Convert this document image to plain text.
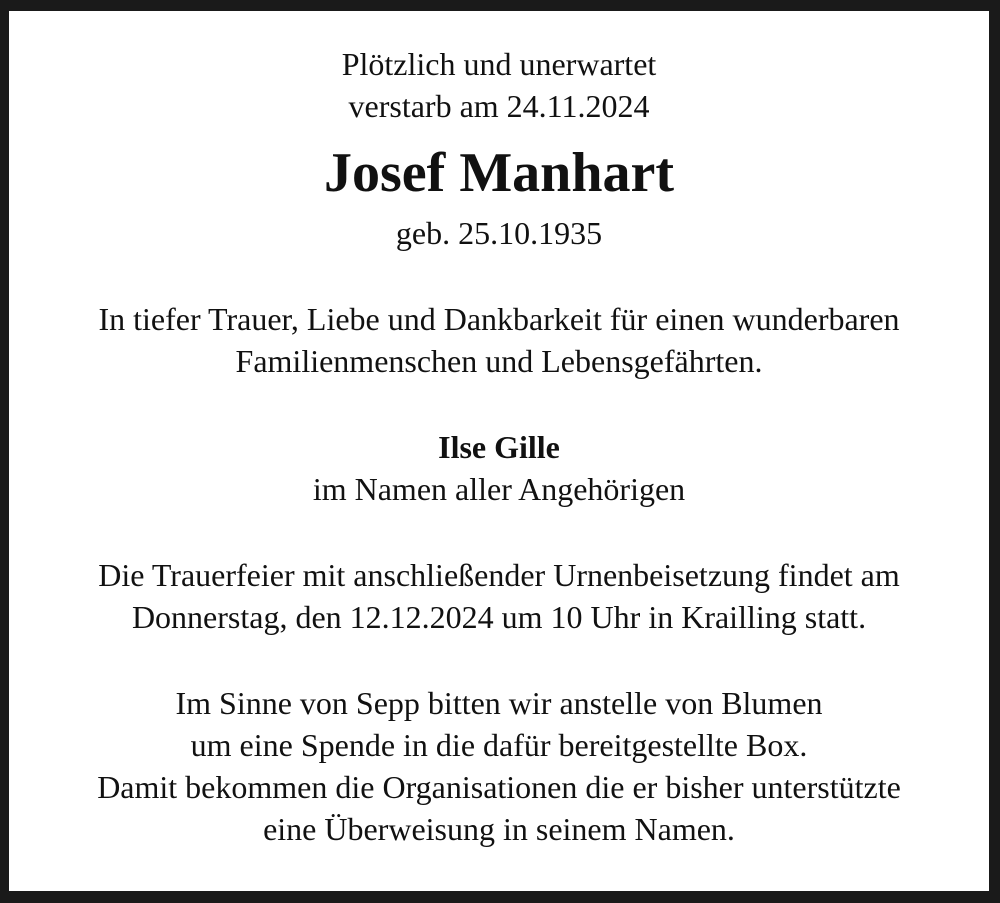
Plötzlich und unerwartet
verstarb am 24.11.2024
Josef Manhart
geb. 25.10.1935
In tiefer Trauer, Liebe und Dankbarkeit für einen wunderbaren
Familienmenschen und Lebensgefährten.
Ilse Gille
im Namen aller Angehörigen
Die Trauerfeier mit anschließender Urnenbeisetzung findet am
Donnerstag, den 12.12.2024 um 10 Uhr in Krailling statt.
Im Sinne von Sepp bitten wir anstelle von Blumen
um eine Spende in die dafür bereitgestellte Box.
Damit bekommen die Organisationen die er bisher unterstützte
eine Überweisung in seinem Namen.
